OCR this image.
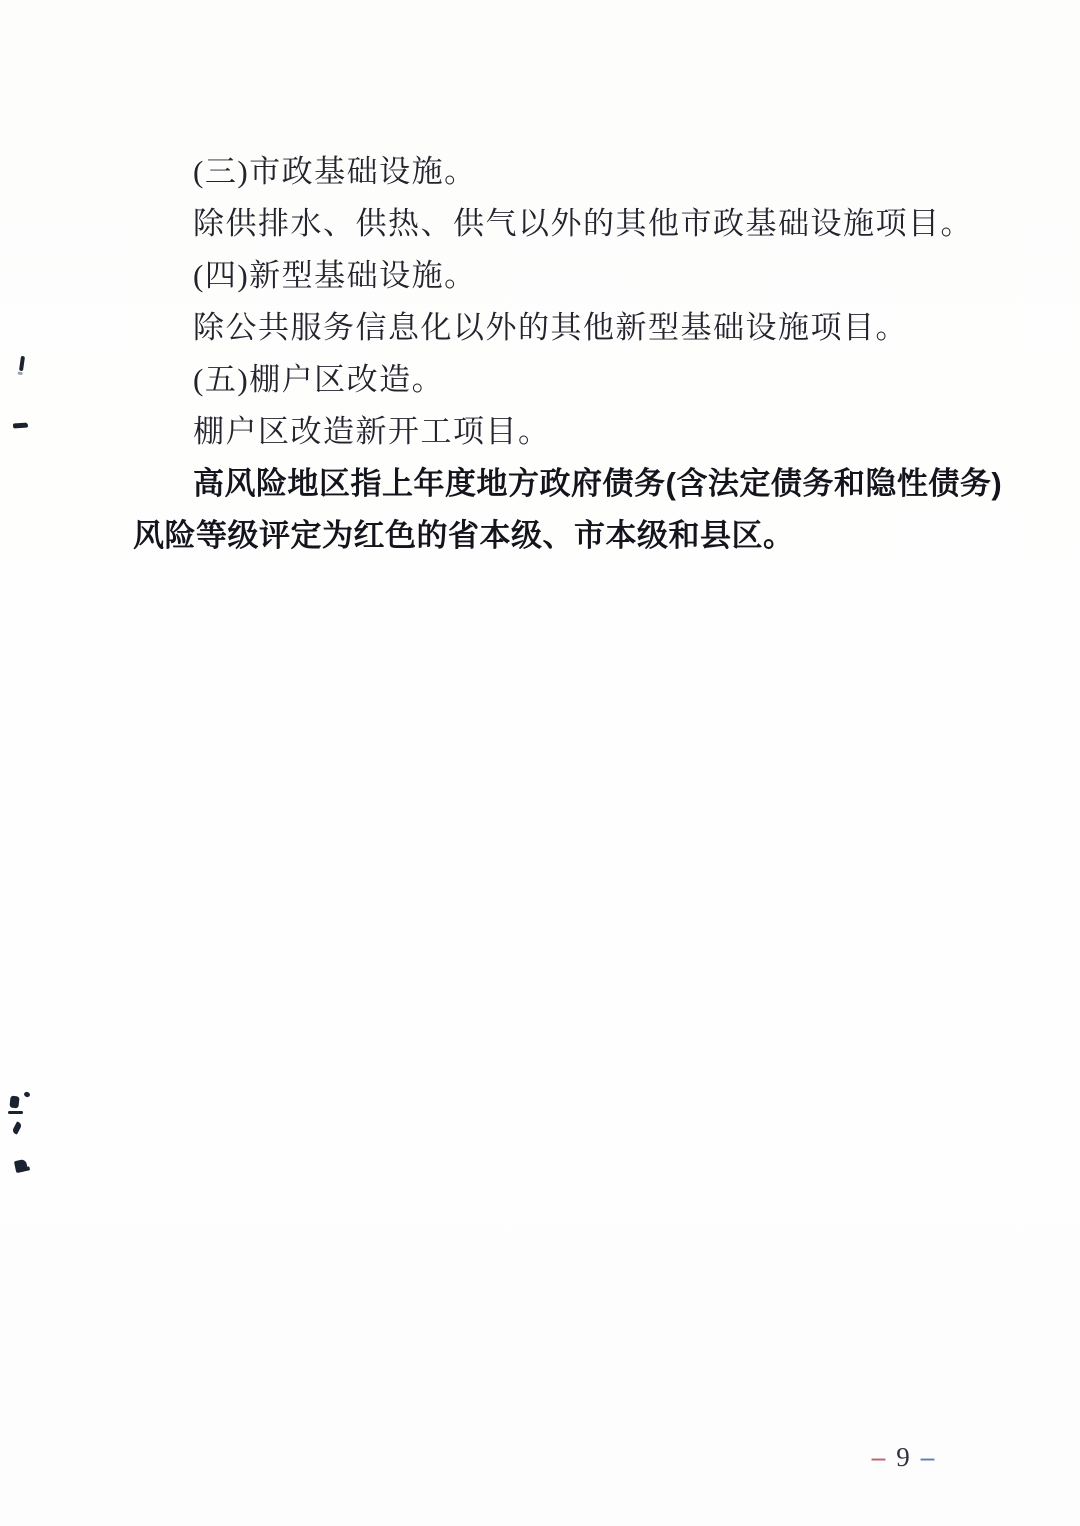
(三)市政基础设施。

除供排水、供热、供气以外的其他市政基础设施项目。

(四)新型基础设施。

除公共服务信息化以外的其他新型基础设施项目。

(五)棚户区改造。

棚户区改造新开工项目。

高风险地区指上年度地方政府债务(含法定债务和隐性债务)

风险等级评定为红色的省本级、市本级和县区。

– 9 –
